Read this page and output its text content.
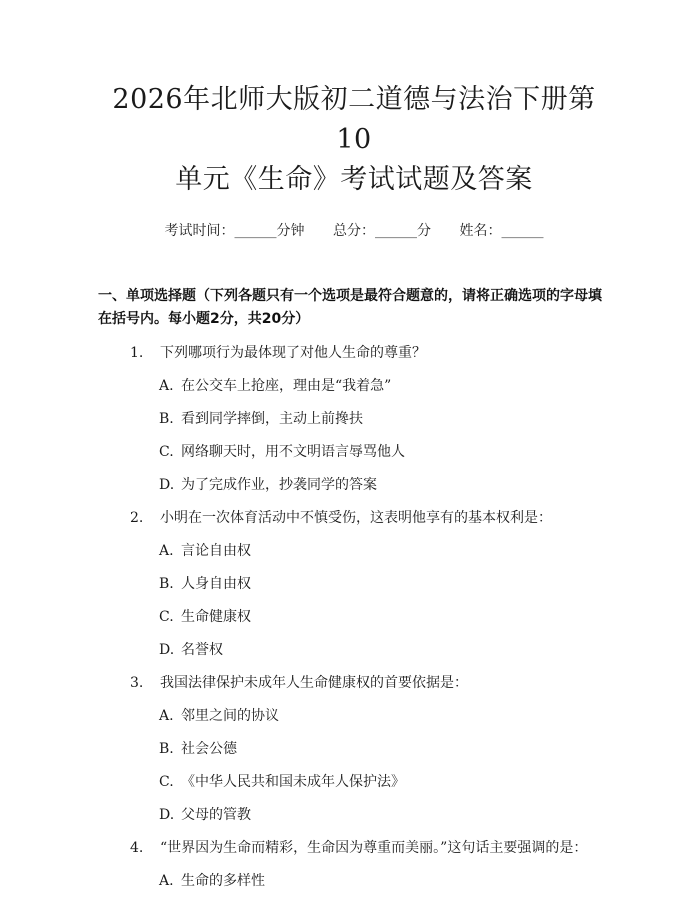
2026年北师大版初二道德与法治下册第10
单元《生命》考试试题及答案
考试时间：______分钟 总分：______分 姓名：______
一、单项选择题（下列各题只有一个选项是最符合题意的，请将正确选项的字母填在括号内。每小题2分，共20分）
1.	下列哪项行为最体现了对他人生命的尊重？
A. 在公交车上抢座，理由是“我着急”
B. 看到同学摔倒，主动上前搀扶
C. 网络聊天时，用不文明语言辱骂他人
D. 为了完成作业，抄袭同学的答案
2.	小明在一次体育活动中不慎受伤，这表明他享有的基本权利是：
A. 言论自由权
B. 人身自由权
C. 生命健康权
D. 名誉权
3.	我国法律保护未成年人生命健康权的首要依据是：
A. 邻里之间的协议
B. 社会公德
C. 《中华人民共和国未成年人保护法》
D. 父母的管教
4.	“世界因为生命而精彩，生命因为尊重而美丽。”这句话主要强调的是：
A. 生命的多样性
